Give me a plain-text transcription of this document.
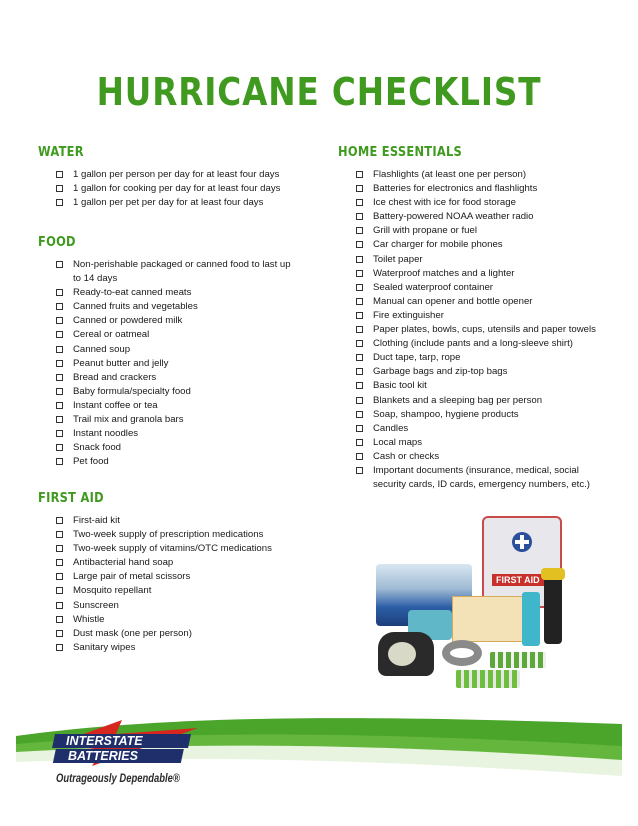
HURRICANE CHECKLIST
WATER
1 gallon per person per day for at least four days
1 gallon for cooking per day for at least four days
1 gallon per pet per day for at least four days
FOOD
Non-perishable packaged or canned food to last up to 14 days
Ready-to-eat canned meats
Canned fruits and vegetables
Canned or powdered milk
Cereal or oatmeal
Canned soup
Peanut butter and jelly
Bread and crackers
Baby formula/specialty food
Instant coffee or tea
Trail mix and granola bars
Instant noodles
Snack food
Pet food
FIRST AID
First-aid kit
Two-week supply of prescription medications
Two-week supply of vitamins/OTC medications
Antibacterial hand soap
Large pair of metal scissors
Mosquito repellant
Sunscreen
Whistle
Dust mask (one per person)
Sanitary wipes
HOME ESSENTIALS
Flashlights (at least one per person)
Batteries for electronics and flashlights
Ice chest with ice for food storage
Battery-powered NOAA weather radio
Grill with propane or fuel
Car charger for mobile phones
Toilet paper
Waterproof matches and a lighter
Sealed waterproof container
Manual can opener and bottle opener
Fire extinguisher
Paper plates, bowls, cups, utensils and paper towels
Clothing (include pants and a long-sleeve shirt)
Duct tape, tarp, rope
Garbage bags and zip-top bags
Basic tool kit
Blankets and a sleeping bag per person
Soap, shampoo, hygiene products
Candles
Local maps
Cash or checks
Important documents (insurance, medical, social security cards, ID cards, emergency numbers, etc.)
FIRST AID
INTERSTATE
BATTERIES
Outrageously Dependable®
